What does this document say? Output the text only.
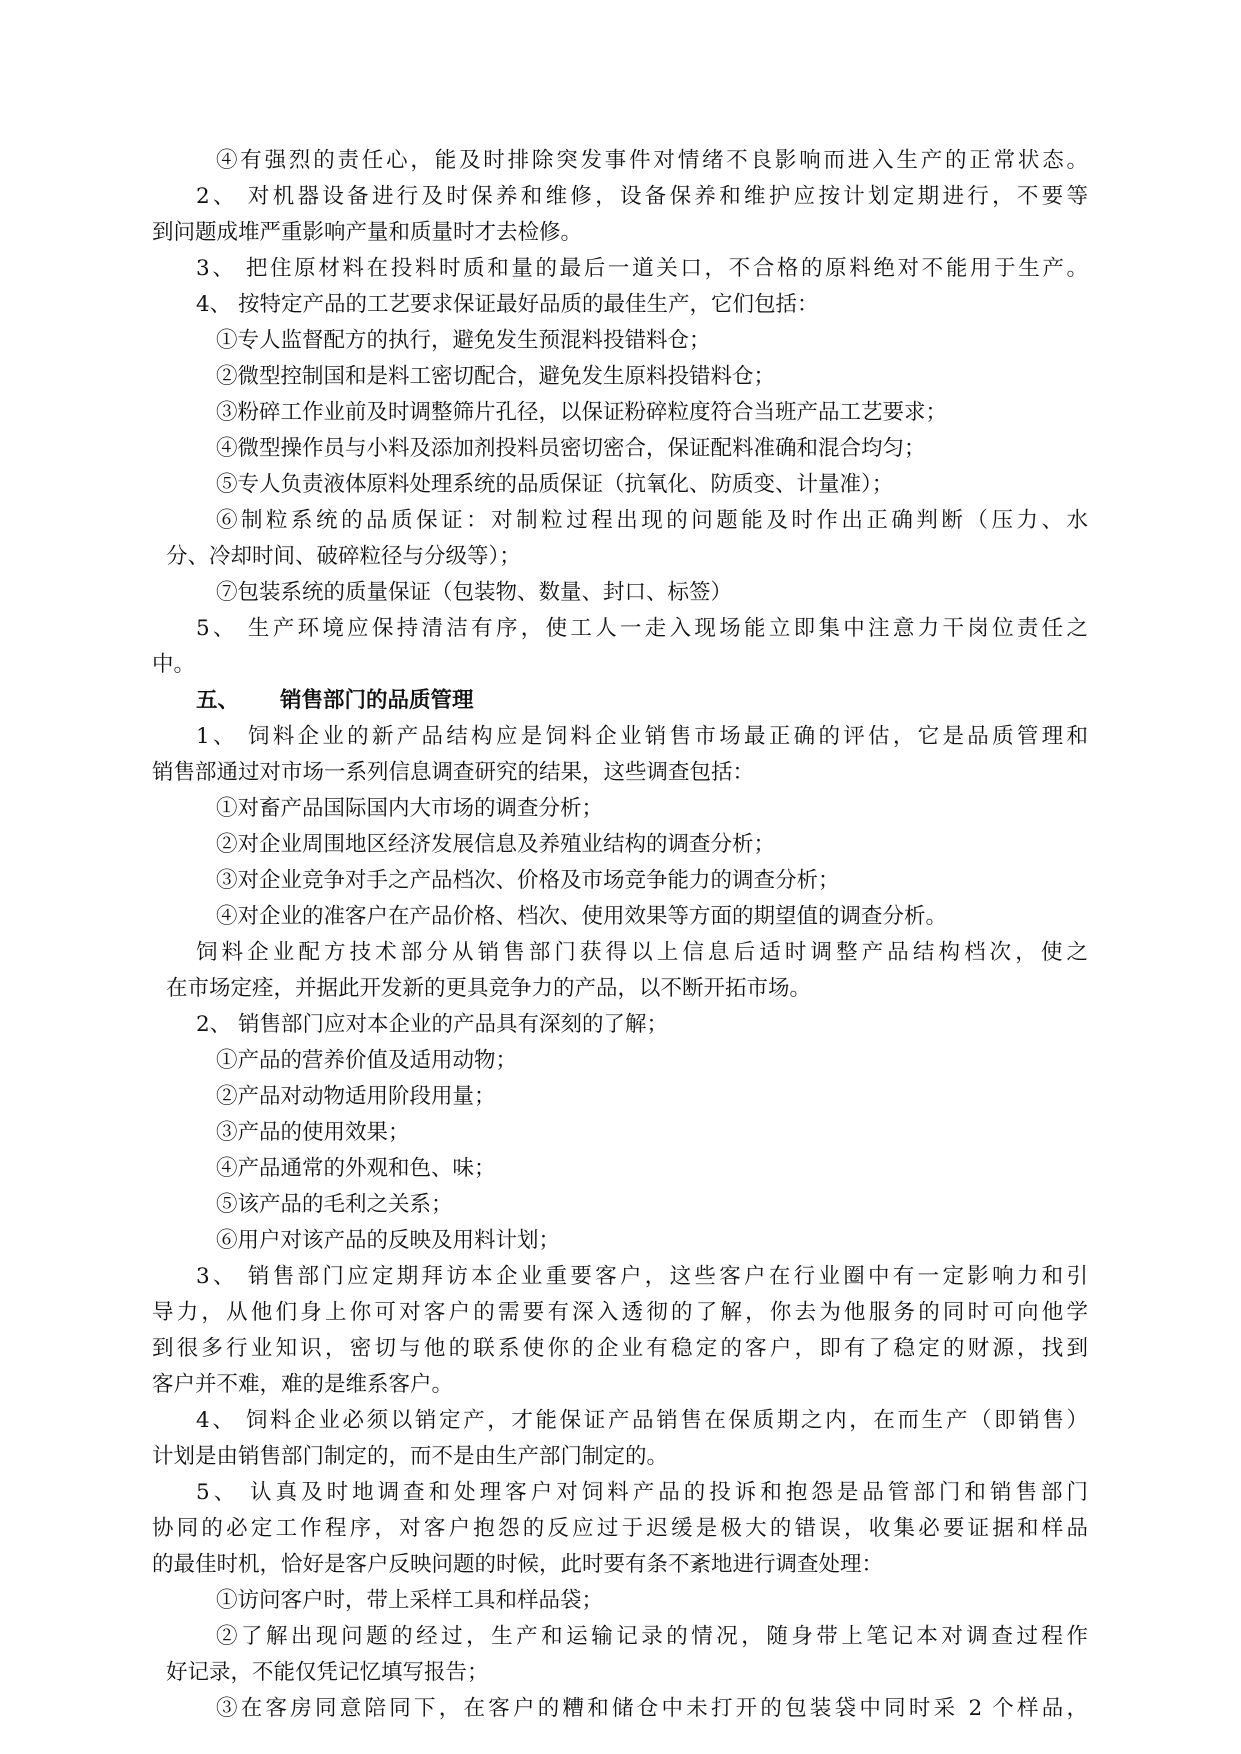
④有强烈的责任心，能及时排除突发事件对情绪不良影响而进入生产的正常状态。
2、 对机器设备进行及时保养和维修，设备保养和维护应按计划定期进行，不要等
到问题成堆严重影响产量和质量时才去检修。
3、 把住原材料在投料时质和量的最后一道关口，不合格的原料绝对不能用于生产。
4、 按特定产品的工艺要求保证最好品质的最佳生产，它们包括：
①专人监督配方的执行，避免发生预混料投错料仓；
②微型控制国和是料工密切配合，避免发生原料投错料仓；
③粉碎工作业前及时调整筛片孔径，以保证粉碎粒度符合当班产品工艺要求；
④微型操作员与小料及添加剂投料员密切密合，保证配料准确和混合均匀；
⑤专人负责液体原料处理系统的品质保证（抗氧化、防质变、计量准）；
⑥制粒系统的品质保证：对制粒过程出现的问题能及时作出正确判断（压力、水
分、冷却时间、破碎粒径与分级等）；
⑦包装系统的质量保证（包装物、数量、封口、标签）
5、 生产环境应保持清洁有序，使工人一走入现场能立即集中注意力干岗位责任之
中。
五、 销售部门的品质管理
1、 饲料企业的新产品结构应是饲料企业销售市场最正确的评估，它是品质管理和
销售部通过对市场一系列信息调查研究的结果，这些调查包括：
①对畜产品国际国内大市场的调查分析；
②对企业周围地区经济发展信息及养殖业结构的调查分析；
③对企业竞争对手之产品档次、价格及市场竞争能力的调查分析；
④对企业的准客户在产品价格、档次、使用效果等方面的期望值的调查分析。
饲料企业配方技术部分从销售部门获得以上信息后适时调整产品结构档次，使之
在市场定痊，并据此开发新的更具竞争力的产品，以不断开拓市场。
2、 销售部门应对本企业的产品具有深刻的了解；
①产品的营养价值及适用动物；
②产品对动物适用阶段用量；
③产品的使用效果；
④产品通常的外观和色、味；
⑤该产品的毛利之关系；
⑥用户对该产品的反映及用料计划；
3、 销售部门应定期拜访本企业重要客户，这些客户在行业圈中有一定影响力和引
导力，从他们身上你可对客户的需要有深入透彻的了解，你去为他服务的同时可向他学
到很多行业知识，密切与他的联系使你的企业有稳定的客户，即有了稳定的财源，找到
客户并不难，难的是维系客户。
4、 饲料企业必须以销定产，才能保证产品销售在保质期之内，在而生产（即销售）
计划是由销售部门制定的，而不是由生产部门制定的。
5、 认真及时地调查和处理客户对饲料产品的投诉和抱怨是品管部门和销售部门
协同的必定工作程序，对客户抱怨的反应过于迟缓是极大的错误，收集必要证据和样品
的最佳时机，恰好是客户反映问题的时候，此时要有条不紊地进行调查处理：
①访问客户时，带上采样工具和样品袋；
②了解出现问题的经过，生产和运输记录的情况，随身带上笔记本对调查过程作
好记录，不能仅凭记忆填写报告；
③在客房同意陪同下，在客户的糟和储仓中未打开的包装袋中同时采 2 个样品，
